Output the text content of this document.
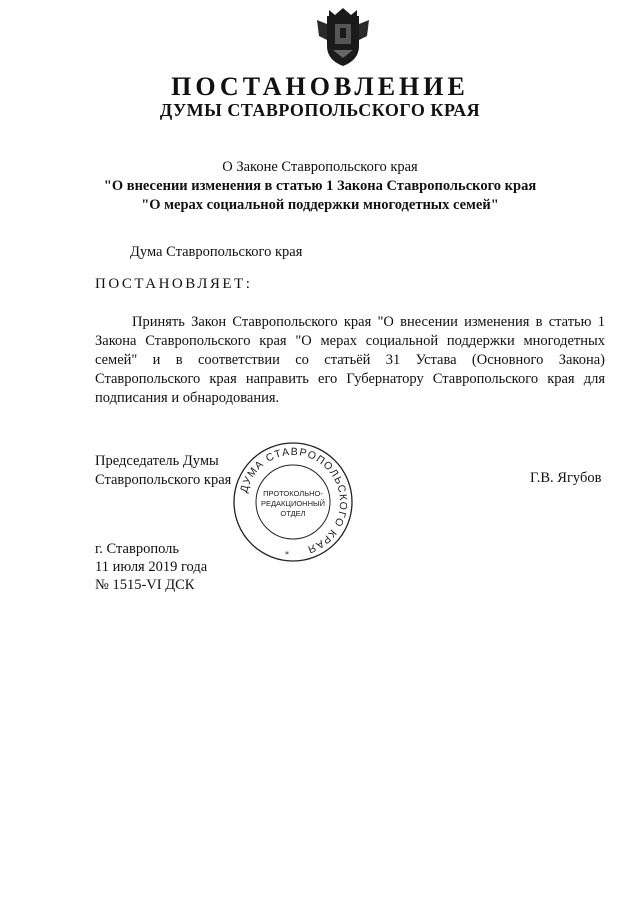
ПОСТАНОВЛЕНИЕ
ДУМЫ СТАВРОПОЛЬСКОГО КРАЯ
О Законе Ставропольского края
"О внесении изменения в статью 1 Закона Ставропольского края
"О мерах социальной поддержки многодетных семей"
Дума Ставропольского края
ПОСТАНОВЛЯЕТ:
Принять Закон Ставропольского края "О внесении изменения в статью 1 Закона Ставропольского края "О мерах социальной поддержки многодетных семей" и в соответствии со статьёй 31 Устава (Основного Закона) Ставропольского края направить его Губернатору Ставропольского края для подписания и обнародования.
Председатель Думы
Ставропольского края	Г.В. Ягубов
ДУМА СТАВРОПОЛЬСКОГО КРАЯ
ПРОТОКОЛЬНО-
РЕДАКЦИОННЫЙ
ОТДЕЛ
*
г. Ставрополь
11 июля 2019 года
№ 1515-VI ДСК
